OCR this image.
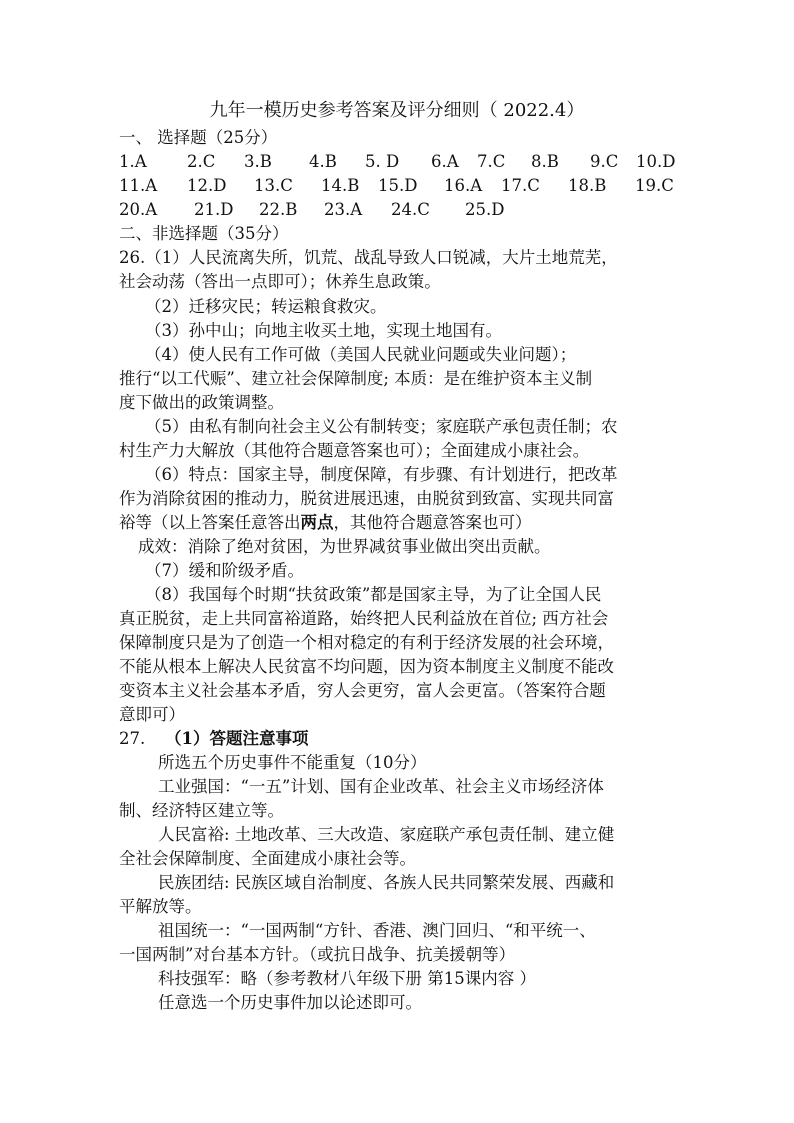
九年一模历史参考答案及评分细则（ 2022.4）
一、 选择题（25分）
1.A 2.C 3.B 4.B 5. D 6.A 7.C 8.B 9.C 10.D
11.A 12.D 13.C 14.B 15.D 16.A 17.C 18.B 19.C
20.A 21.D 22.B 23.A 24.C 25.D
二、非选择题（35分）
26.（1）人民流离失所，饥荒、战乱导致人口锐减，大片土地荒芜，
社会动荡（答出一点即可）；休养生息政策。
（2）迁移灾民；转运粮食救灾。
（3）孙中山；向地主收买土地，实现土地国有。
（4）使人民有工作可做（美国人民就业问题或失业问题）；
推行“以工代赈”、建立社会保障制度; 本质：是在维护资本主义制
度下做出的政策调整。
（5）由私有制向社会主义公有制转变；家庭联产承包责任制；农
村生产力大解放（其他符合题意答案也可）；全面建成小康社会。
（6）特点：国家主导，制度保障，有步骤、有计划进行，把改革
作为消除贫困的推动力，脱贫进展迅速，由脱贫到致富、实现共同富
裕等（以上答案任意答出两点，其他符合题意答案也可）
成效：消除了绝对贫困，为世界减贫事业做出突出贡献。
（7）缓和阶级矛盾。
（8）我国每个时期“扶贫政策”都是国家主导，为了让全国人民
真正脱贫，走上共同富裕道路，始终把人民利益放在首位; 西方社会
保障制度只是为了创造一个相对稳定的有利于经济发展的社会环境，
不能从根本上解决人民贫富不均问题，因为资本制度主义制度不能改
变资本主义社会基本矛盾，穷人会更穷，富人会更富。（答案符合题
意即可）
27. （1）答题注意事项
所选五个历史事件不能重复（10分）
工业强国：“一五”计划、国有企业改革、社会主义市场经济体
制、经济特区建立等。
人民富裕: 土地改革、三大改造、家庭联产承包责任制、建立健
全社会保障制度、全面建成小康社会等。
民族团结: 民族区域自治制度、各族人民共同繁荣发展、西藏和
平解放等。
祖国统一：“一国两制“方针、香港、澳门回归、“和平统一、
一国两制”对台基本方针。（或抗日战争、抗美援朝等）
科技强军：略（参考教材八年级下册 第15课内容 ）
任意选一个历史事件加以论述即可。
